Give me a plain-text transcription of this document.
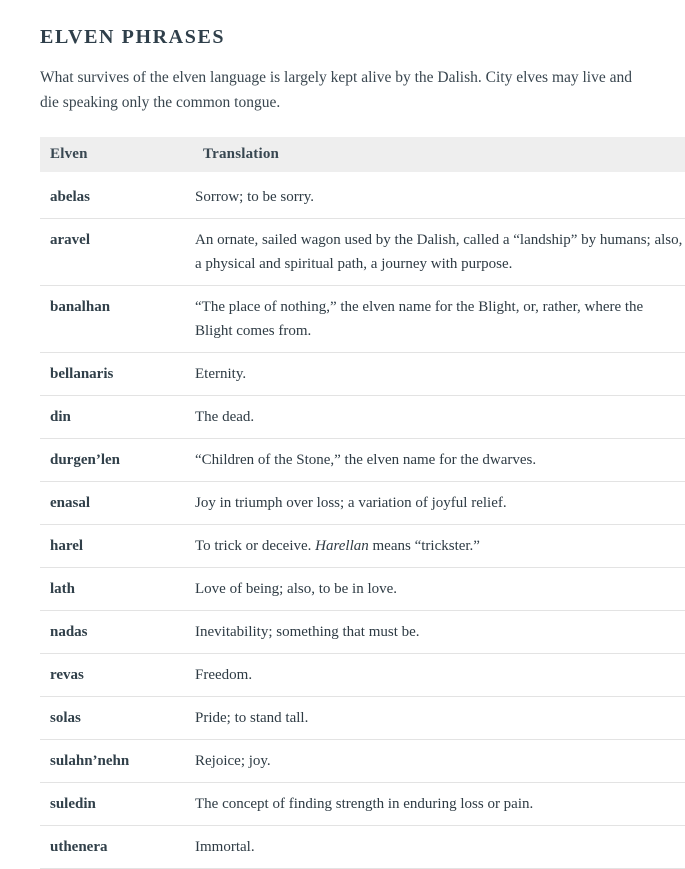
ELVEN PHRASES

What survives of the elven language is largely kept alive by the Dalish. City elves may live and die speaking only the common tongue.

Elven	Translation
abelas	Sorrow; to be sorry.
aravel	An ornate, sailed wagon used by the Dalish, called a “landship” by humans; also, a physical and spiritual path, a journey with purpose.
banalhan	“The place of nothing,” the elven name for the Blight, or, rather, where the Blight comes from.
bellanaris	Eternity.
din	The dead.
durgen’len	“Children of the Stone,” the elven name for the dwarves.
enasal	Joy in triumph over loss; a variation of joyful relief.
harel	To trick or deceive. Harellan means “trickster.”
lath	Love of being; also, to be in love.
nadas	Inevitability; something that must be.
revas	Freedom.
solas	Pride; to stand tall.
sulahn’nehn	Rejoice; joy.
suledin	The concept of finding strength in enduring loss or pain.
uthenera	Immortal.
